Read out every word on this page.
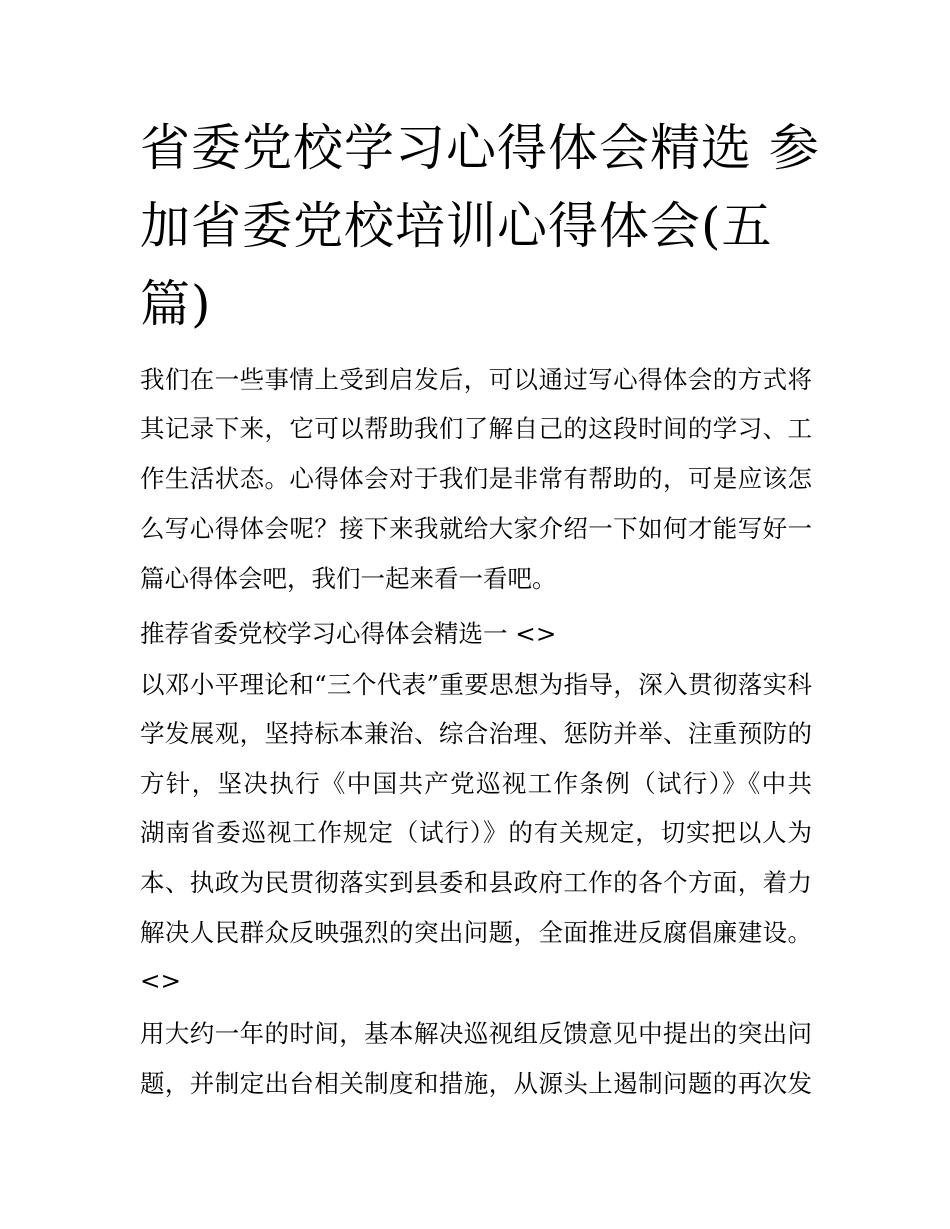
省委党校学习心得体会精选 参
加省委党校培训心得体会(五
篇)

我们在一些事情上受到启发后，可以通过写心得体会的方式将

其记录下来，它可以帮助我们了解自己的这段时间的学习、工

作生活状态。心得体会对于我们是非常有帮助的，可是应该怎

么写心得体会呢？接下来我就给大家介绍一下如何才能写好一

篇心得体会吧，我们一起来看一看吧。

推荐省委党校学习心得体会精选一 <>

以邓小平理论和“三个代表”重要思想为指导，深入贯彻落实科

学发展观，坚持标本兼治、综合治理、惩防并举、注重预防的

方针，坚决执行《中国共产党巡视工作条例（试行）》《中共

湖南省委巡视工作规定（试行）》的有关规定，切实把以人为

本、执政为民贯彻落实到县委和县政府工作的各个方面，着力

解决人民群众反映强烈的突出问题，全面推进反腐倡廉建设。

<>

用大约一年的时间，基本解决巡视组反馈意见中提出的突出问

题，并制定出台相关制度和措施，从源头上遏制问题的再次发
